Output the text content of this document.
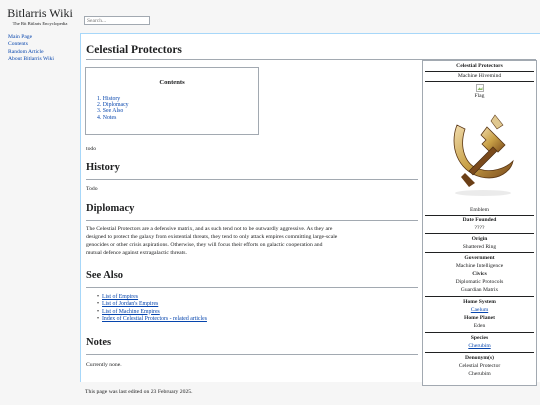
Bitlarris Wiki
The Bit Bitlaris Encyclopedia
Main Page
Contents
Random Article
About Bitlarris Wiki
Search...
Celestial Protectors
Contents
1. History
2. Diplomacy
3. See Also
4. Notes
todo
History
Todo
Diplomacy
The Celestial Protectors are a defensive matrix, and as such tend not to be outwardly aggressive. As they are
designed to protect the galaxy from existential threats, they tend to only attack empires committing large-scale
genocides or other crisis aspirations. Otherwise, they will focus their efforts on galactic cooperation and
mutual defence against extragalactic threats.
See Also
• List of Empires
• List of Jordan's Empires
• List of Machine Empires
• Index of Celestial Protectors - related articles
Notes
Currently none.
Celestial Protectors
Machine Hivemind
Flag
Emblem
Date Founded
????
Origin
Shattered Ring
Government
Machine Intelligence
Civics
Diplomatic Protocols
Guardian Matrix
Home System
Caelum
Home Planet
Eden
Species
Cherubim
Denonym(s)
Celestial Protector
Cherubim
This page was last edited on 23 February 2025.
